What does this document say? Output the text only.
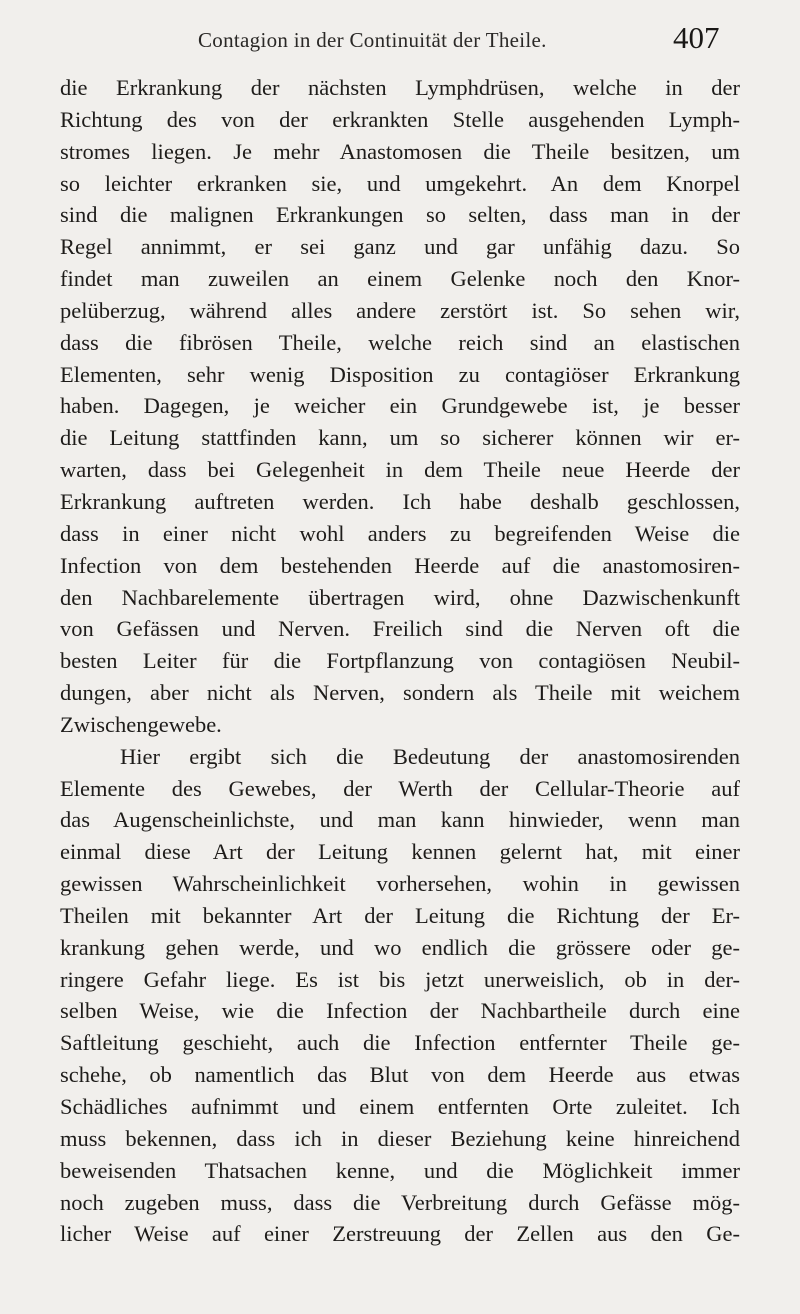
Contagion in der Continuität der Theile.	407
die Erkrankung der nächsten Lymphdrüsen, welche in der
Richtung des von der erkrankten Stelle ausgehenden Lymph-
stromes liegen. Je mehr Anastomosen die Theile besitzen, um
so leichter erkranken sie, und umgekehrt. An dem Knorpel
sind die malignen Erkrankungen so selten, dass man in der
Regel annimmt, er sei ganz und gar unfähig dazu. So
findet man zuweilen an einem Gelenke noch den Knor-
pelüberzug, während alles andere zerstört ist. So sehen wir,
dass die fibrösen Theile, welche reich sind an elastischen
Elementen, sehr wenig Disposition zu contagiöser Erkrankung
haben. Dagegen, je weicher ein Grundgewebe ist, je besser
die Leitung stattfinden kann, um so sicherer können wir er-
warten, dass bei Gelegenheit in dem Theile neue Heerde der
Erkrankung auftreten werden. Ich habe deshalb geschlossen,
dass in einer nicht wohl anders zu begreifenden Weise die
Infection von dem bestehenden Heerde auf die anastomosiren-
den Nachbarelemente übertragen wird, ohne Dazwischenkunft
von Gefässen und Nerven. Freilich sind die Nerven oft die
besten Leiter für die Fortpflanzung von contagiösen Neubil-
dungen, aber nicht als Nerven, sondern als Theile mit weichem
Zwischengewebe.
Hier ergibt sich die Bedeutung der anastomosirenden
Elemente des Gewebes, der Werth der Cellular-Theorie auf
das Augenscheinlichste, und man kann hinwieder, wenn man
einmal diese Art der Leitung kennen gelernt hat, mit einer
gewissen Wahrscheinlichkeit vorhersehen, wohin in gewissen
Theilen mit bekannter Art der Leitung die Richtung der Er-
krankung gehen werde, und wo endlich die grössere oder ge-
ringere Gefahr liege. Es ist bis jetzt unerweislich, ob in der-
selben Weise, wie die Infection der Nachbartheile durch eine
Saftleitung geschieht, auch die Infection entfernter Theile ge-
schehe, ob namentlich das Blut von dem Heerde aus etwas
Schädliches aufnimmt und einem entfernten Orte zuleitet. Ich
muss bekennen, dass ich in dieser Beziehung keine hinreichend
beweisenden Thatsachen kenne, und die Möglichkeit immer
noch zugeben muss, dass die Verbreitung durch Gefässe mög-
licher Weise auf einer Zerstreuung der Zellen aus den Ge-
